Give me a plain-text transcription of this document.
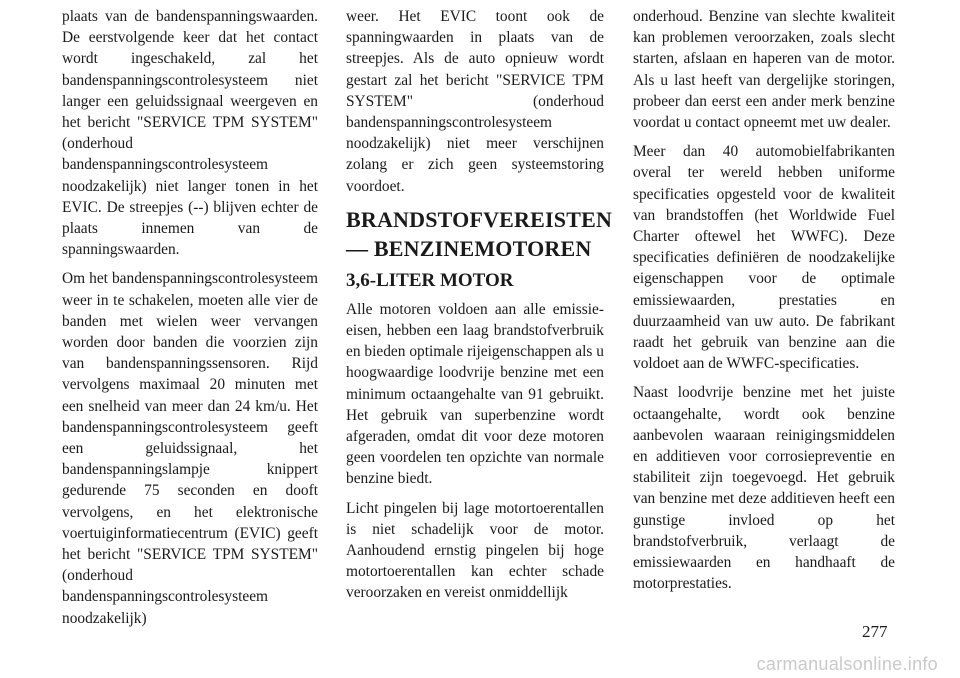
plaats van de bandenspanningswaarden. De eerstvolgende keer dat het contact wordt ingeschakeld, zal het bandenspanningscontrolesysteem niet langer een geluidssignaal weergeven en het bericht "SERVICE TPM SYSTEM" (onderhoud bandenspanningscontrolesysteem noodzakelijk) niet langer tonen in het EVIC. De streepjes (--) blijven echter de plaats innemen van de spanningswaarden.

Om het bandenspanningscontrolesysteem weer in te schakelen, moeten alle vier de banden met wielen weer vervangen worden door banden die voorzien zijn van bandenspanningssensoren. Rijd vervolgens maximaal 20 minuten met een snelheid van meer dan 24 km/u. Het bandenspanningscontrolesysteem geeft een geluidssignaal, het bandenspanningslampje knippert gedurende 75 seconden en dooft vervolgens, en het elektronische voertuiginformatiecentrum (EVIC) geeft het bericht "SERVICE TPM SYSTEM" (onderhoud bandenspanningscontrolesysteem noodzakelijk)

weer. Het EVIC toont ook de spanningwaarden in plaats van de streepjes. Als de auto opnieuw wordt gestart zal het bericht "SERVICE TPM SYSTEM" (onderhoud bandenspanningscontrolesysteem noodzakelijk) niet meer verschijnen zolang er zich geen systeemstoring voordoet.

BRANDSTOFVEREISTEN
— BENZINEMOTOREN
3,6-LITER MOTOR

Alle motoren voldoen aan alle emissie-eisen, hebben een laag brandstofverbruik en bieden optimale rijeigenschappen als u hoogwaardige loodvrije benzine met een minimum octaangehalte van 91 gebruikt. Het gebruik van superbenzine wordt afgeraden, omdat dit voor deze motoren geen voordelen ten opzichte van normale benzine biedt.

Licht pingelen bij lage motortoerentallen is niet schadelijk voor de motor. Aanhoudend ernstig pingelen bij hoge motortoerentallen kan echter schade veroorzaken en vereist onmiddellijk

onderhoud. Benzine van slechte kwaliteit kan problemen veroorzaken, zoals slecht starten, afslaan en haperen van de motor. Als u last heeft van dergelijke storingen, probeer dan eerst een ander merk benzine voordat u contact opneemt met uw dealer.

Meer dan 40 automobielfabrikanten overal ter wereld hebben uniforme specificaties opgesteld voor de kwaliteit van brandstoffen (het Worldwide Fuel Charter oftewel het WWFC). Deze specificaties definiëren de noodzakelijke eigenschappen voor de optimale emissiewaarden, prestaties en duurzaamheid van uw auto. De fabrikant raadt het gebruik van benzine aan die voldoet aan de WWFC-specificaties.

Naast loodvrije benzine met het juiste octaangehalte, wordt ook benzine aanbevolen waaraan reinigingsmiddelen en additieven voor corrosiepreventie en stabiliteit zijn toegevoegd. Het gebruik van benzine met deze additieven heeft een gunstige invloed op het brandstofverbruik, verlaagt de emissiewaarden en handhaaft de motorprestaties.

277
carmanualsonline.info
